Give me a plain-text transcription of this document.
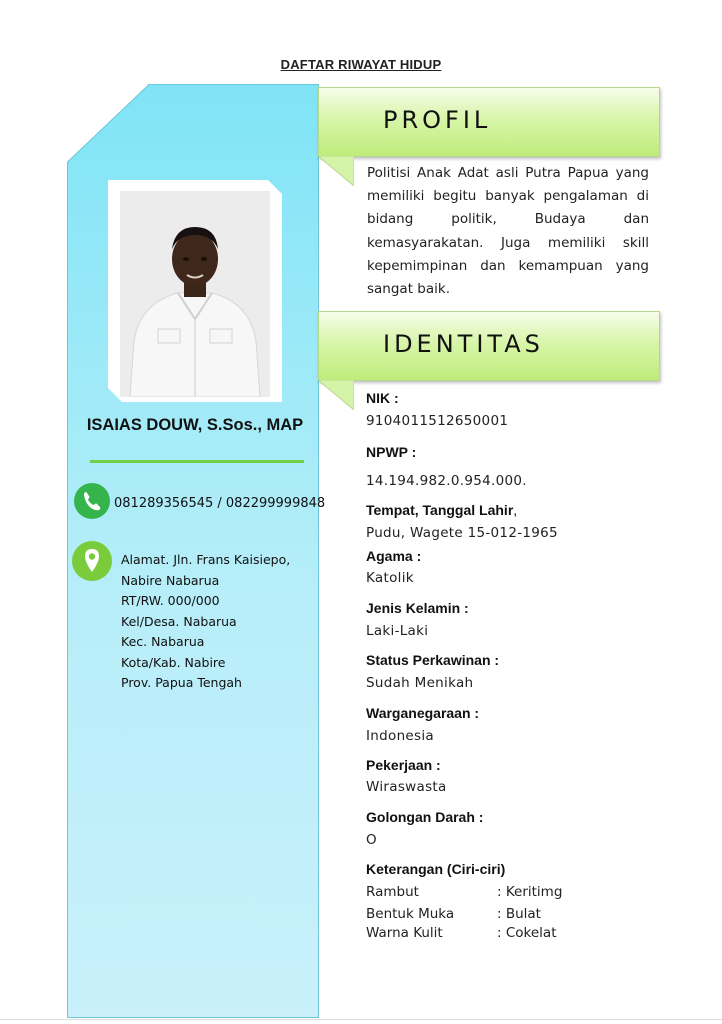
DAFTAR RIWAYAT HIDUP
ISAIAS DOUW, S.Sos., MAP
081289356545 / 082299999848
Alamat. Jln. Frans Kaisiepo,
Nabire Nabarua
RT/RW. 000/000
Kel/Desa. Nabarua
Kec. Nabarua
Kota/Kab. Nabire
Prov. Papua Tengah
PROFIL
Politisi Anak Adat asli Putra Papua yang memiliki begitu banyak pengalaman di bidang politik, Budaya dan kemasyarakatan. Juga memiliki skill kepemimpinan dan kemampuan yang sangat baik.
IDENTITAS
NIK :
9104011512650001
NPWP :
14.194.982.0.954.000.
Tempat, Tanggal Lahir,
Pudu, Wagete 15-012-1965
Agama :
Katolik
Jenis Kelamin :
Laki-Laki
Status Perkawinan :
Sudah Menikah
Warganegaraan :
Indonesia
Pekerjaan :
Wiraswasta
Golongan Darah :
O
Keterangan (Ciri-ciri)
Rambut	: Keritimg
Bentuk Muka	: Bulat
Warna Kulit	: Cokelat
